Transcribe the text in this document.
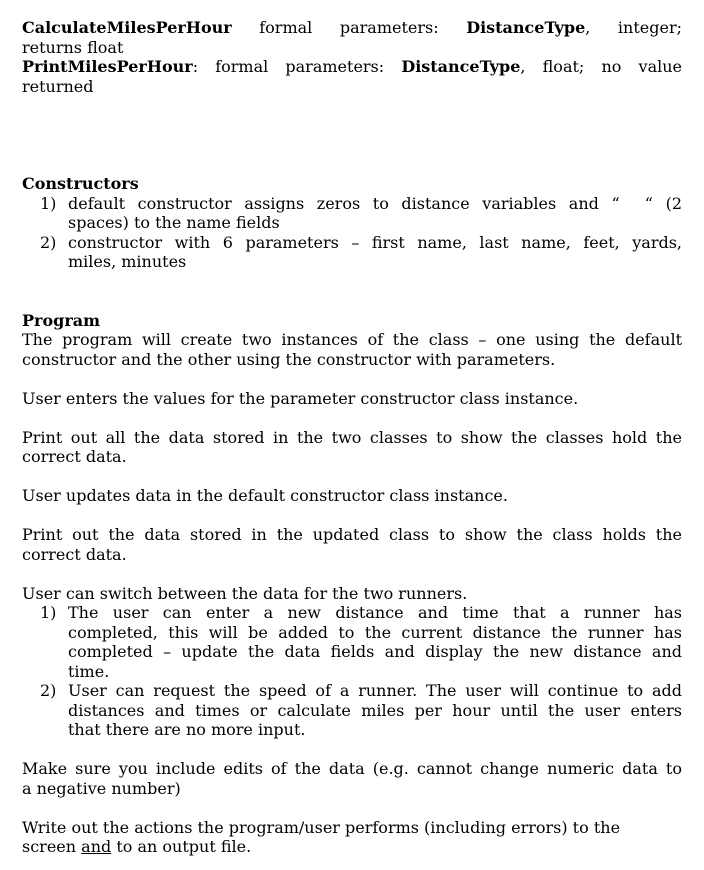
CalculateMilesPerHour formal parameters: DistanceType, integer;
returns float
PrintMilesPerHour: formal parameters: DistanceType, float; no value
returned
Constructors
1) default constructor assigns zeros to distance variables and “  “ (2
spaces) to the name fields
2) constructor with 6 parameters – first name, last name, feet, yards,
miles, minutes
Program
The program will create two instances of the class – one using the default
constructor and the other using the constructor with parameters.
User enters the values for the parameter constructor class instance.
Print out all the data stored in the two classes to show the classes hold the
correct data.
User updates data in the default constructor class instance.
Print out the data stored in the updated class to show the class holds the
correct data.
User can switch between the data for the two runners.
1) The user can enter a new distance and time that a runner has
completed, this will be added to the current distance the runner has
completed – update the data fields and display the new distance and
time.
2) User can request the speed of a runner. The user will continue to add
distances and times or calculate miles per hour until the user enters
that there are no more input.
Make sure you include edits of the data (e.g. cannot change numeric data to
a negative number)
Write out the actions the program/user performs (including errors) to the
screen and to an output file.
